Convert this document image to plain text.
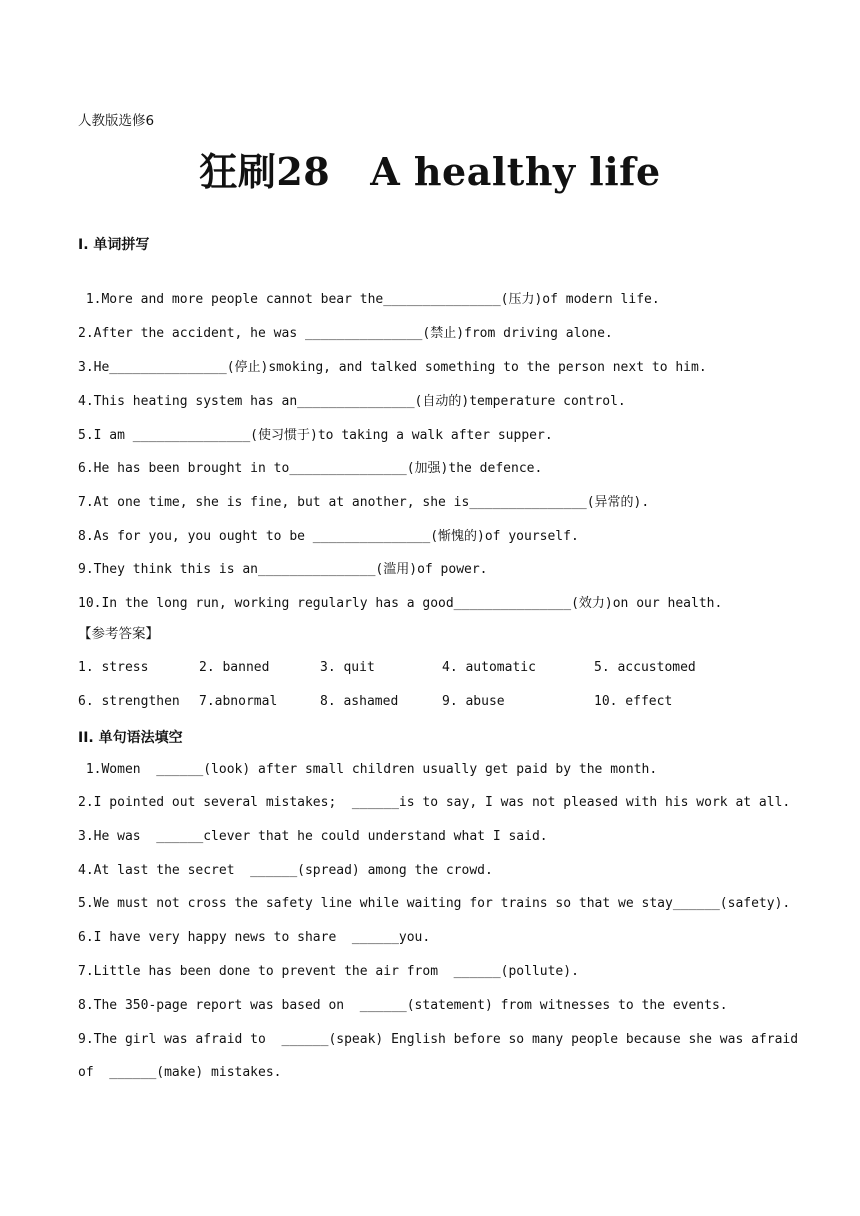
人教版选修6
狂刷28 A healthy life
I. 单词拼写
1.More and more people cannot bear the_______________(压力)of modern life.
2.After the accident, he was _______________(禁止)from driving alone.
3.He_______________(停止)smoking, and talked something to the person next to him.
4.This heating system has an_______________(自动的)temperature control.
5.I am _______________(使习惯于)to taking a walk after supper.
6.He has been brought in to_______________(加强)the defence.
7.At one time, she is fine, but at another, she is_______________(异常的).
8.As for you, you ought to be _______________(惭愧的)of yourself.
9.They think this is an_______________(滥用)of power.
10.In the long run, working regularly has a good_______________(效力)on our health.
【参考答案】
1. stress	2. banned	3. quit	4. automatic	5. accustomed
6. strengthen 7.abnormal	8. ashamed	9. abuse	10. effect
II. 单句语法填空
1.Women  ______(look) after small children usually get paid by the month.
2.I pointed out several mistakes;  ______is to say, I was not pleased with his work at all.
3.He was  ______clever that he could understand what I said.
4.At last the secret  ______(spread) among the crowd.
5.We must not cross the safety line while waiting for trains so that we stay______(safety).
6.I have very happy news to share  ______you.
7.Little has been done to prevent the air from  ______(pollute).
8.The 350-page report was based on  ______(statement) from witnesses to the events.
9.The girl was afraid to  ______(speak) English before so many people because she was afraid
of  ______(make) mistakes.
